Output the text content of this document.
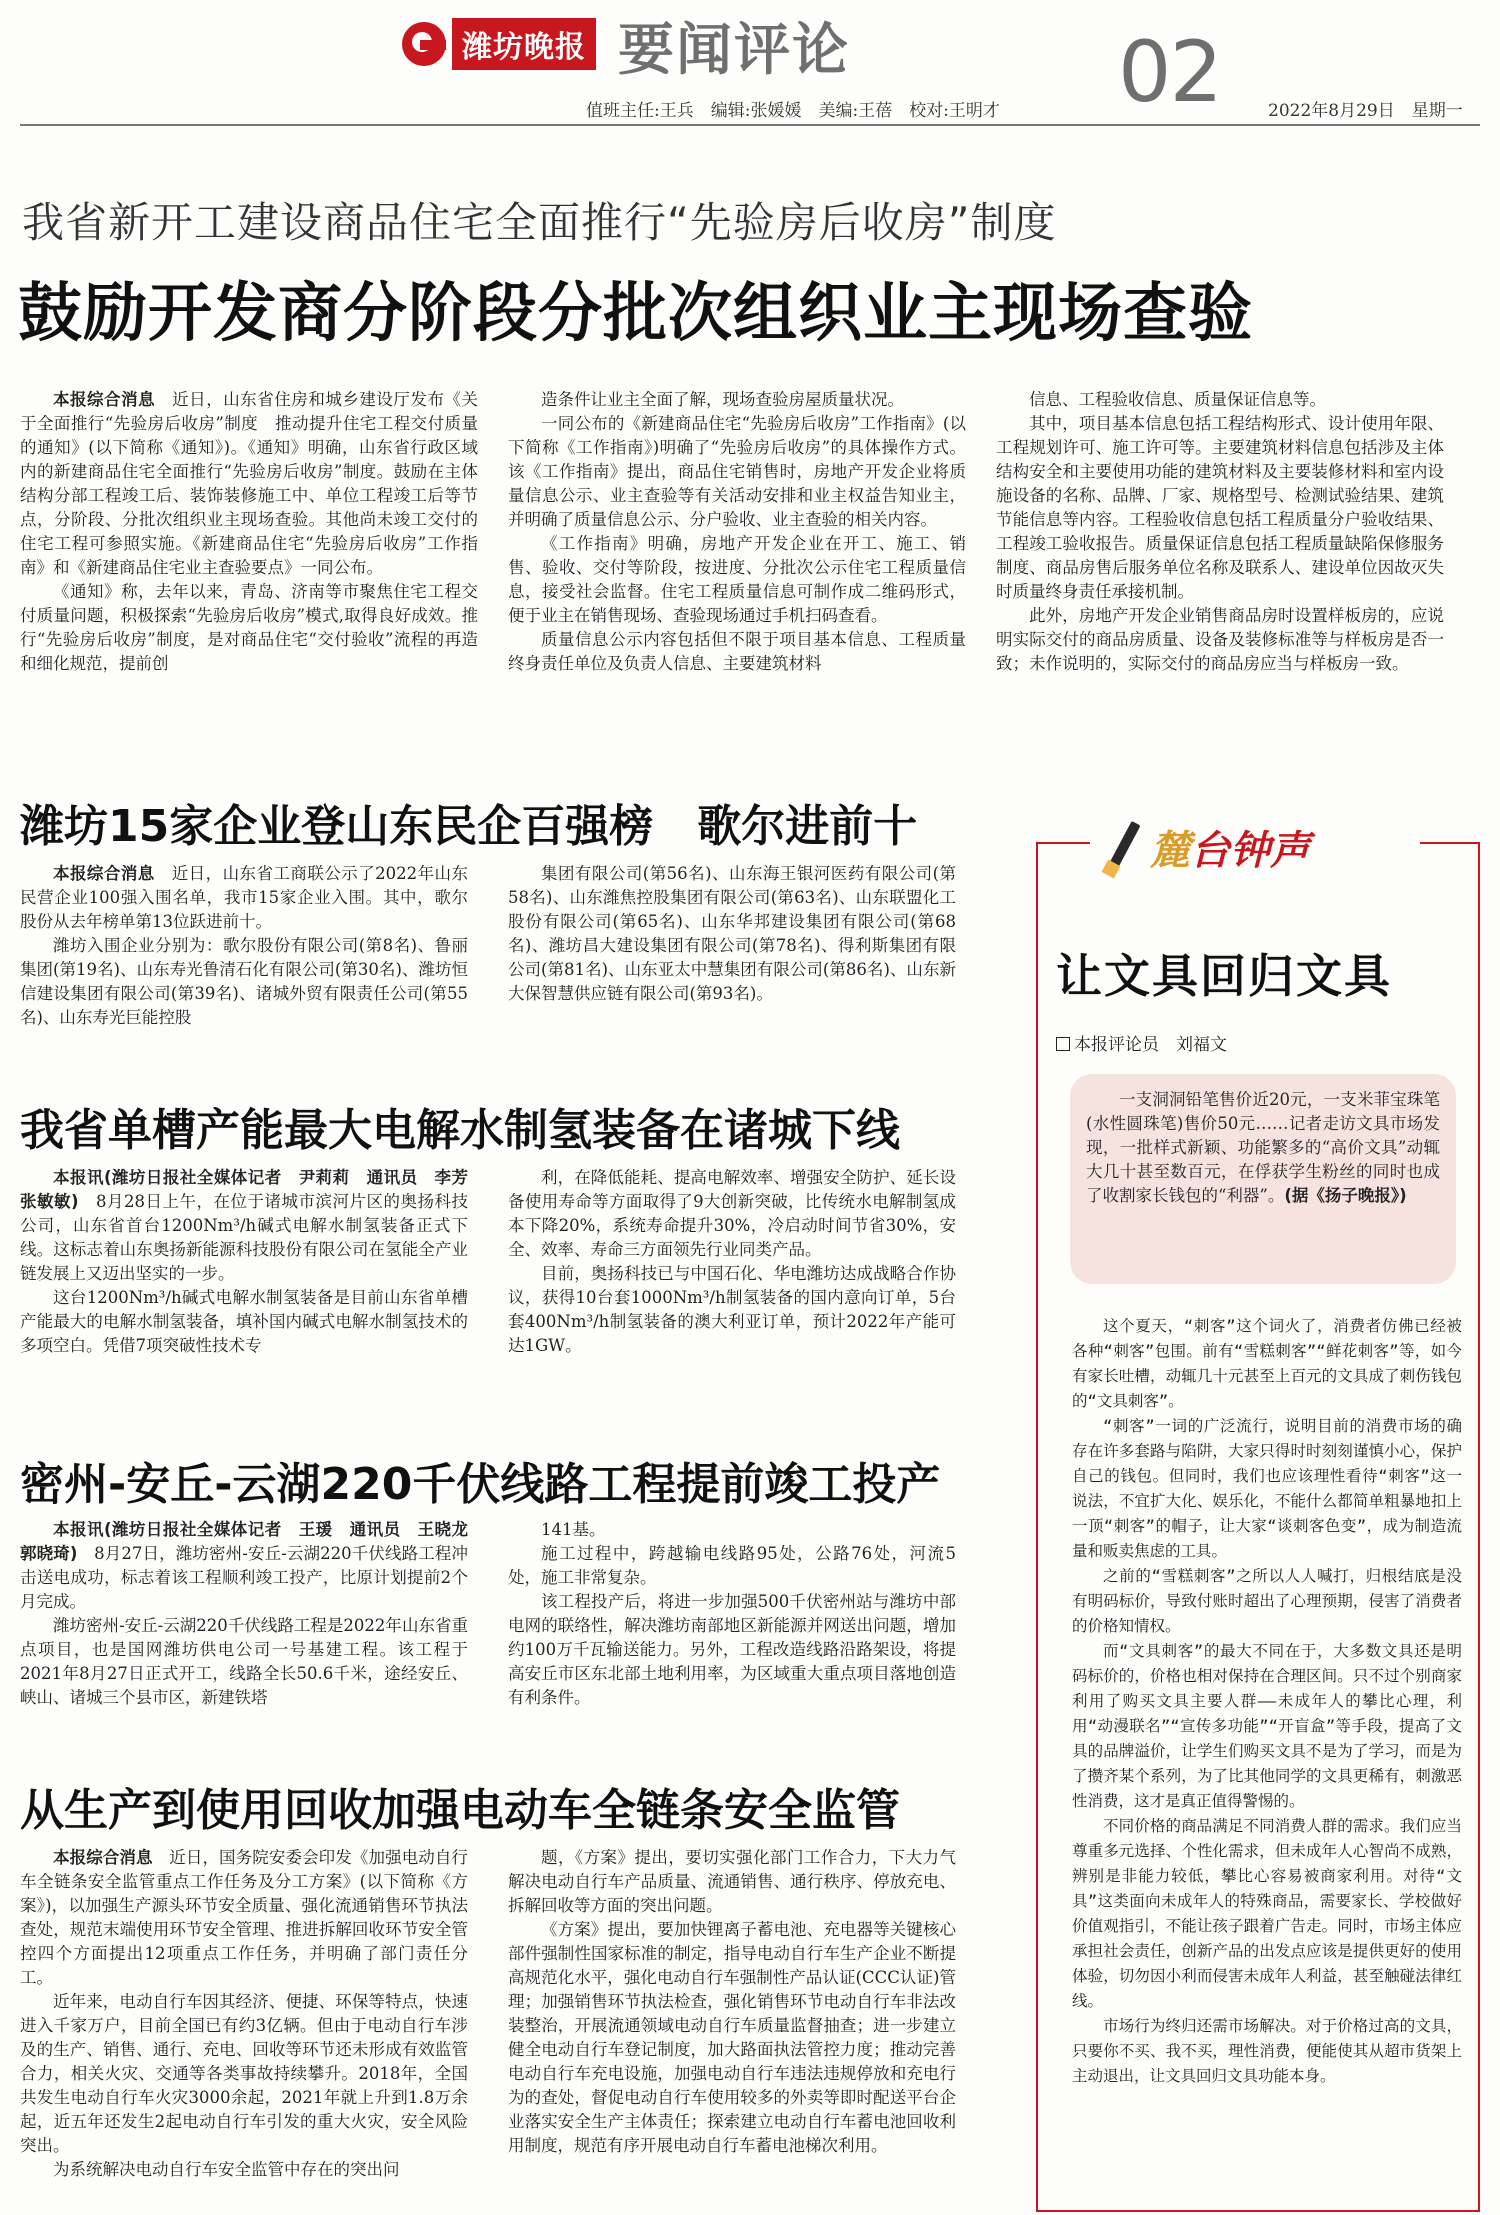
潍坊晚报 要闻评论	02
值班主任:王兵　编辑:张媛媛　美编:王蓓　校对:王明才	2022年8月29日　星期一
我省新开工建设商品住宅全面推行“先验房后收房”制度
鼓励开发商分阶段分批次组织业主现场查验

本报综合消息　 近日，山东省住房和城乡建设厅发布《关于全面推行“先验房后收房”制度　推动提升住宅工程交付质量的通知》(以下简称《通知》)。《通知》明确，山东省行政区域内的新建商品住宅全面推行“先验房后收房”制度。鼓励在主体结构分部工程竣工后、装饰装修施工中、单位工程竣工后等节点，分阶段、分批次组织业主现场查验。其他尚未竣工交付的住宅工程可参照实施。《新建商品住宅“先验房后收房”工作指南》和《新建商品住宅业主查验要点》一同公布。

《通知》称，去年以来，青岛、济南等市聚焦住宅工程交付质量问题，积极探索“先验房后收房”模式,取得良好成效。推行“先验房后收房”制度，是对商品住宅“交付验收”流程的再造和细化规范，提前创

造条件让业主全面了解，现场查验房屋质量状况。

一同公布的《新建商品住宅“先验房后收房”工作指南》(以下简称《工作指南》)明确了“先验房后收房”的具体操作方式。该《工作指南》提出，商品住宅销售时，房地产开发企业将质量信息公示、业主查验等有关活动安排和业主权益告知业主，并明确了质量信息公示、分户验收、业主查验的相关内容。

《工作指南》明确，房地产开发企业在开工、施工、销售、验收、交付等阶段，按进度、分批次公示住宅工程质量信息，接受社会监督。住宅工程质量信息可制作成二维码形式，便于业主在销售现场、查验现场通过手机扫码查看。

质量信息公示内容包括但不限于项目基本信息、工程质量终身责任单位及负责人信息、主要建筑材料

信息、工程验收信息、质量保证信息等。

其中，项目基本信息包括工程结构形式、设计使用年限、工程规划许可、施工许可等。主要建筑材料信息包括涉及主体结构安全和主要使用功能的建筑材料及主要装修材料和室内设施设备的名称、品牌、厂家、规格型号、检测试验结果、建筑节能信息等内容。工程验收信息包括工程质量分户验收结果、工程竣工验收报告。质量保证信息包括工程质量缺陷保修服务制度、商品房售后服务单位名称及联系人、建设单位因故灭失时质量终身责任承接机制。

此外，房地产开发企业销售商品房时设置样板房的，应说明实际交付的商品房质量、设备及装修标准等与样板房是否一致；未作说明的，实际交付的商品房应当与样板房一致。

潍坊15家企业登山东民企百强榜　歌尔进前十

本报综合消息　 近日，山东省工商联公示了2022年山东民营企业100强入围名单，我市15家企业入围。其中，歌尔股份从去年榜单第13位跃进前十。

潍坊入围企业分别为：歌尔股份有限公司(第8名)、鲁丽集团(第19名)、山东寿光鲁清石化有限公司(第30名)、潍坊恒信建设集团有限公司(第39名)、诸城外贸有限责任公司(第55名)、山东寿光巨能控股

集团有限公司(第56名)、山东海王银河医药有限公司(第58名)、山东潍焦控股集团有限公司(第63名)、山东联盟化工股份有限公司(第65名)、山东华邦建设集团有限公司(第68名)、潍坊昌大建设集团有限公司(第78名)、得利斯集团有限公司(第81名)、山东亚太中慧集团有限公司(第86名)、山东新大保智慧供应链有限公司(第93名)。

我省单槽产能最大电解水制氢装备在诸城下线

本报讯(潍坊日报社全媒体记者　尹莉莉　通讯员　李芳　张敏敏)　 8月28日上午，在位于诸城市滨河片区的奥扬科技公司，山东省首台1200Nm³/h碱式电解水制氢装备正式下线。这标志着山东奥扬新能源科技股份有限公司在氢能全产业链发展上又迈出坚实的一步。

这台1200Nm³/h碱式电解水制氢装备是目前山东省单槽产能最大的电解水制氢装备，填补国内碱式电解水制氢技术的多项空白。凭借7项突破性技术专

利，在降低能耗、提高电解效率、增强安全防护、延长设备使用寿命等方面取得了9大创新突破，比传统水电解制氢成本下降20%，系统寿命提升30%，冷启动时间节省30%，安全、效率、寿命三方面领先行业同类产品。

目前，奥扬科技已与中国石化、华电潍坊达成战略合作协议，获得10台套1000Nm³/h制氢装备的国内意向订单，5台套400Nm³/h制氢装备的澳大利亚订单，预计2022年产能可达1GW。

密州-安丘-云湖220千伏线路工程提前竣工投产

本报讯(潍坊日报社全媒体记者　王瑗　通讯员　王晓龙　郭晓琦)　 8月27日，潍坊密州-安丘-云湖220千伏线路工程冲击送电成功，标志着该工程顺利竣工投产，比原计划提前2个月完成。

潍坊密州-安丘-云湖220千伏线路工程是2022年山东省重点项目，也是国网潍坊供电公司一号基建工程。该工程于2021年8月27日正式开工，线路全长50.6千米，途经安丘、峡山、诸城三个县市区，新建铁塔

141基。

施工过程中，跨越输电线路95处，公路76处，河流5处，施工非常复杂。

该工程投产后，将进一步加强500千伏密州站与潍坊中部电网的联络性，解决潍坊南部地区新能源并网送出问题，增加约100万千瓦输送能力。另外，工程改造线路沿路架设，将提高安丘市区东北部土地利用率，为区域重大重点项目落地创造有利条件。

从生产到使用回收加强电动车全链条安全监管

本报综合消息　 近日，国务院安委会印发《加强电动自行车全链条安全监管重点工作任务及分工方案》(以下简称《方案》)，以加强生产源头环节安全质量、强化流通销售环节执法查处，规范末端使用环节安全管理、推进拆解回收环节安全管控四个方面提出12项重点工作任务，并明确了部门责任分工。

近年来，电动自行车因其经济、便捷、环保等特点，快速进入千家万户，目前全国已有约3亿辆。但由于电动自行车涉及的生产、销售、通行、充电、回收等环节还未形成有效监管合力，相关火灾、交通等各类事故持续攀升。2018年，全国共发生电动自行车火灾3000余起，2021年就上升到1.8万余起，近五年还发生2起电动自行车引发的重大火灾，安全风险突出。

为系统解决电动自行车安全监管中存在的突出问

题，《方案》提出，要切实强化部门工作合力，下大力气解决电动自行车产品质量、流通销售、通行秩序、停放充电、拆解回收等方面的突出问题。

《方案》提出，要加快锂离子蓄电池、充电器等关键核心部件强制性国家标准的制定，指导电动自行车生产企业不断提高规范化水平，强化电动自行车强制性产品认证(CCC认证)管理；加强销售环节执法检查，强化销售环节电动自行车非法改装整治，开展流通领域电动自行车质量监督抽查；进一步建立健全电动自行车登记制度，加大路面执法管控力度；推动完善电动自行车充电设施，加强电动自行车违法违规停放和充电行为的查处，督促电动自行车使用较多的外卖等即时配送平台企业落实安全生产主体责任；探索建立电动自行车蓄电池回收利用制度，规范有序开展电动自行车蓄电池梯次利用。

麓台钟声
让文具回归文具
本报评论员　刘福文

一支洞洞铅笔售价近20元，一支米菲宝珠笔(水性圆珠笔)售价50元……记者走访文具市场发现，一批样式新颖、功能繁多的“高价文具”动辄大几十甚至数百元，在俘获学生粉丝的同时也成了收割家长钱包的“利器”。(据《扬子晚报》)

这个夏天，“刺客”这个词火了，消费者仿佛已经被各种“刺客”包围。前有“雪糕刺客”“鲜花刺客”等，如今有家长吐槽，动辄几十元甚至上百元的文具成了刺伤钱包的“文具刺客”。

“刺客”一词的广泛流行，说明目前的消费市场的确存在许多套路与陷阱，大家只得时时刻刻谨慎小心，保护自己的钱包。但同时，我们也应该理性看待“刺客”这一说法，不宜扩大化、娱乐化，不能什么都简单粗暴地扣上一顶“刺客”的帽子，让大家“谈刺客色变”，成为制造流量和贩卖焦虑的工具。

之前的“雪糕刺客”之所以人人喊打，归根结底是没有明码标价，导致付账时超出了心理预期，侵害了消费者的价格知情权。

而“文具刺客”的最大不同在于，大多数文具还是明码标价的，价格也相对保持在合理区间。只不过个别商家利用了购买文具主要人群——未成年人的攀比心理，利用“动漫联名”“宣传多功能”“开盲盒”等手段，提高了文具的品牌溢价，让学生们购买文具不是为了学习，而是为了攒齐某个系列，为了比其他同学的文具更稀有，刺激恶性消费，这才是真正值得警惕的。

不同价格的商品满足不同消费人群的需求。我们应当尊重多元选择、个性化需求，但未成年人心智尚不成熟，辨别是非能力较低，攀比心容易被商家利用。对待“文具”这类面向未成年人的特殊商品，需要家长、学校做好价值观指引，不能让孩子跟着广告走。同时，市场主体应承担社会责任，创新产品的出发点应该是提供更好的使用体验，切勿因小利而侵害未成年人利益，甚至触碰法律红线。

市场行为终归还需市场解决。对于价格过高的文具，只要你不买、我不买，理性消费，便能使其从超市货架上主动退出，让文具回归文具功能本身。
